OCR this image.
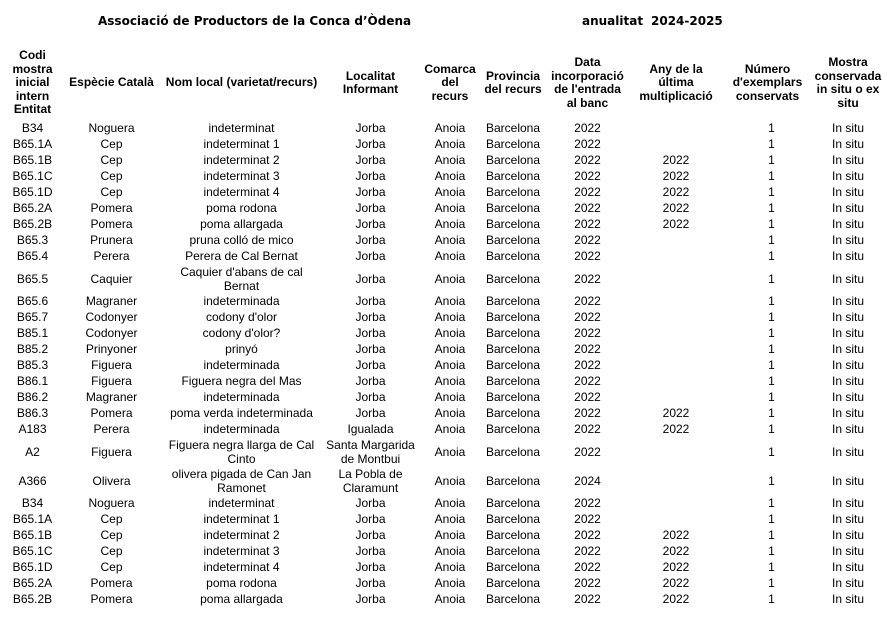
Associació de Productors de la Conca d’Òdena	anualitat 2024-2025
Codi mostra inicial intern Entitat	Espècie Català	Nom local (varietat/recurs)	Localitat Informant	Comarca del recurs	Provincia del recurs	Data incorporació de l'entrada al banc	Any de la última multiplicació	Número d'exemplars conservats	Mostra conservada in situ o ex situ
B34	Noguera	indeterminat	Jorba	Anoia	Barcelona	2022		1	In situ
B65.1A	Cep	indeterminat 1	Jorba	Anoia	Barcelona	2022		1	In situ
B65.1B	Cep	indeterminat 2	Jorba	Anoia	Barcelona	2022	2022	1	In situ
B65.1C	Cep	indeterminat 3	Jorba	Anoia	Barcelona	2022	2022	1	In situ
B65.1D	Cep	indeterminat 4	Jorba	Anoia	Barcelona	2022	2022	1	In situ
B65.2A	Pomera	poma rodona	Jorba	Anoia	Barcelona	2022	2022	1	In situ
B65.2B	Pomera	poma allargada	Jorba	Anoia	Barcelona	2022	2022	1	In situ
B65.3	Prunera	pruna colló de mico	Jorba	Anoia	Barcelona	2022		1	In situ
B65.4	Perera	Perera de Cal Bernat	Jorba	Anoia	Barcelona	2022		1	In situ
B65.5	Caquier	Caquier d'abans de cal Bernat	Jorba	Anoia	Barcelona	2022		1	In situ
B65.6	Magraner	indeterminada	Jorba	Anoia	Barcelona	2022		1	In situ
B65.7	Codonyer	codony d'olor	Jorba	Anoia	Barcelona	2022		1	In situ
B85.1	Codonyer	codony d'olor?	Jorba	Anoia	Barcelona	2022		1	In situ
B85.2	Prinyoner	prinyó	Jorba	Anoia	Barcelona	2022		1	In situ
B85.3	Figuera	indeterminada	Jorba	Anoia	Barcelona	2022		1	In situ
B86.1	Figuera	Figuera negra del Mas	Jorba	Anoia	Barcelona	2022		1	In situ
B86.2	Magraner	indeterminada	Jorba	Anoia	Barcelona	2022		1	In situ
B86.3	Pomera	poma verda indeterminada	Jorba	Anoia	Barcelona	2022	2022	1	In situ
A183	Perera	indeterminada	Igualada	Anoia	Barcelona	2022	2022	1	In situ
A2	Figuera	Figuera negra llarga de Cal Cinto	Santa Margarida de Montbui	Anoia	Barcelona	2022		1	In situ
A366	Olivera	olivera pigada de Can Jan Ramonet	La Pobla de Claramunt	Anoia	Barcelona	2024		1	In situ
B34	Noguera	indeterminat	Jorba	Anoia	Barcelona	2022		1	In situ
B65.1A	Cep	indeterminat 1	Jorba	Anoia	Barcelona	2022		1	In situ
B65.1B	Cep	indeterminat 2	Jorba	Anoia	Barcelona	2022	2022	1	In situ
B65.1C	Cep	indeterminat 3	Jorba	Anoia	Barcelona	2022	2022	1	In situ
B65.1D	Cep	indeterminat 4	Jorba	Anoia	Barcelona	2022	2022	1	In situ
B65.2A	Pomera	poma rodona	Jorba	Anoia	Barcelona	2022	2022	1	In situ
B65.2B	Pomera	poma allargada	Jorba	Anoia	Barcelona	2022	2022	1	In situ
